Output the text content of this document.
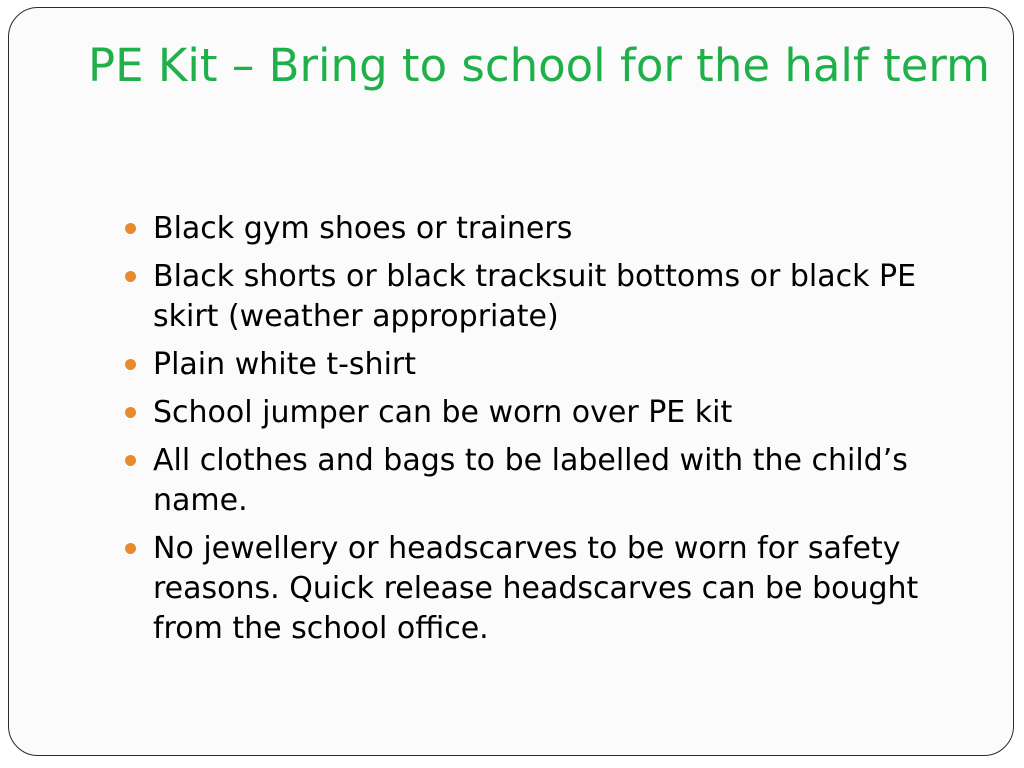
PE Kit – Bring to school for the half term
Black gym shoes or trainers
Black shorts or black tracksuit bottoms or black PE skirt (weather appropriate)
Plain white t-shirt
School jumper can be worn over PE kit
All clothes and bags to be labelled with the child’s name.
No jewellery or headscarves to be worn for safety reasons. Quick release headscarves can be bought from the school office.
